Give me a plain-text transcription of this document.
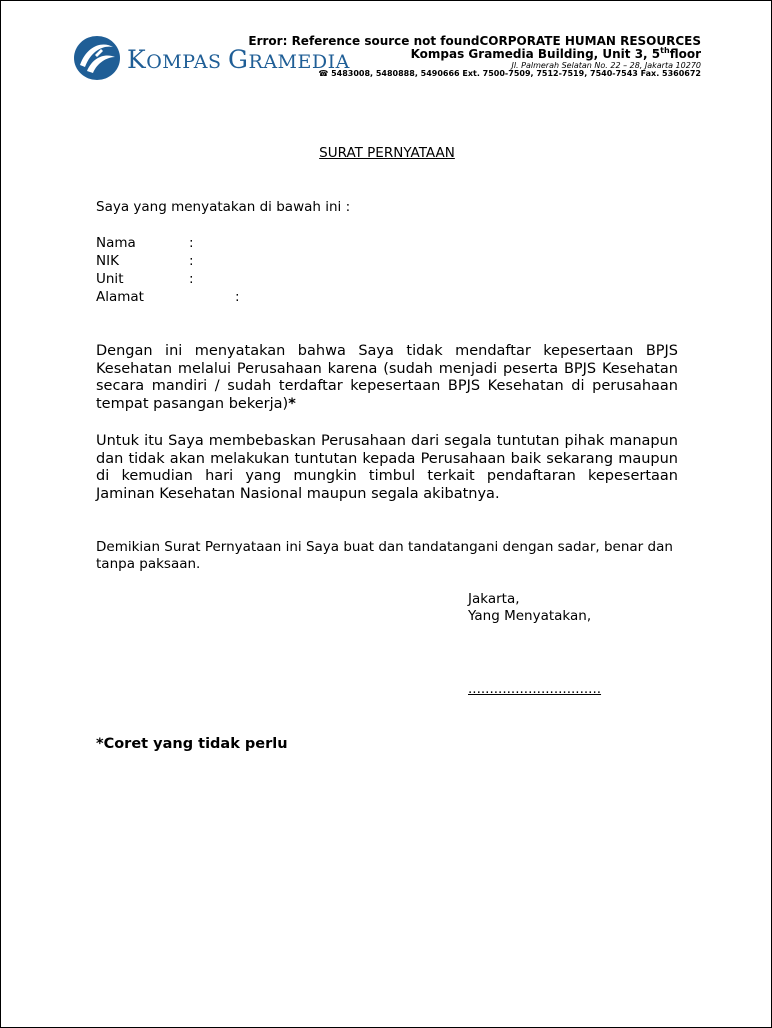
KOMPAS GRAMEDIA
Error: Reference source not foundCORPORATE HUMAN RESOURCES
Kompas Gramedia Building, Unit 3, 5thfloor
Jl. Palmerah Selatan No. 22 – 28, Jakarta 10270
☎ 5483008, 5480888, 5490666 Ext. 7500-7509, 7512-7519, 7540-7543 Fax. 5360672
SURAT PERNYATAAN
Saya yang menyatakan di bawah ini :
Nama	:
NIK	:
Unit	:
Alamat	:
Dengan ini menyatakan bahwa Saya tidak mendaftar kepesertaan BPJS Kesehatan melalui Perusahaan karena (sudah menjadi peserta BPJS Kesehatan secara mandiri / sudah terdaftar kepesertaan BPJS Kesehatan di perusahaan tempat pasangan bekerja)*
Untuk itu Saya membebaskan Perusahaan dari segala tuntutan pihak manapun dan tidak akan melakukan tuntutan kepada Perusahaan baik sekarang maupun di kemudian hari yang mungkin timbul terkait pendaftaran kepesertaan Jaminan Kesehatan Nasional maupun segala akibatnya.
Demikian Surat Pernyataan ini Saya buat dan tandatangani dengan sadar, benar dan tanpa paksaan.
Jakarta,
Yang Menyatakan,
...............................
*Coret yang tidak perlu
